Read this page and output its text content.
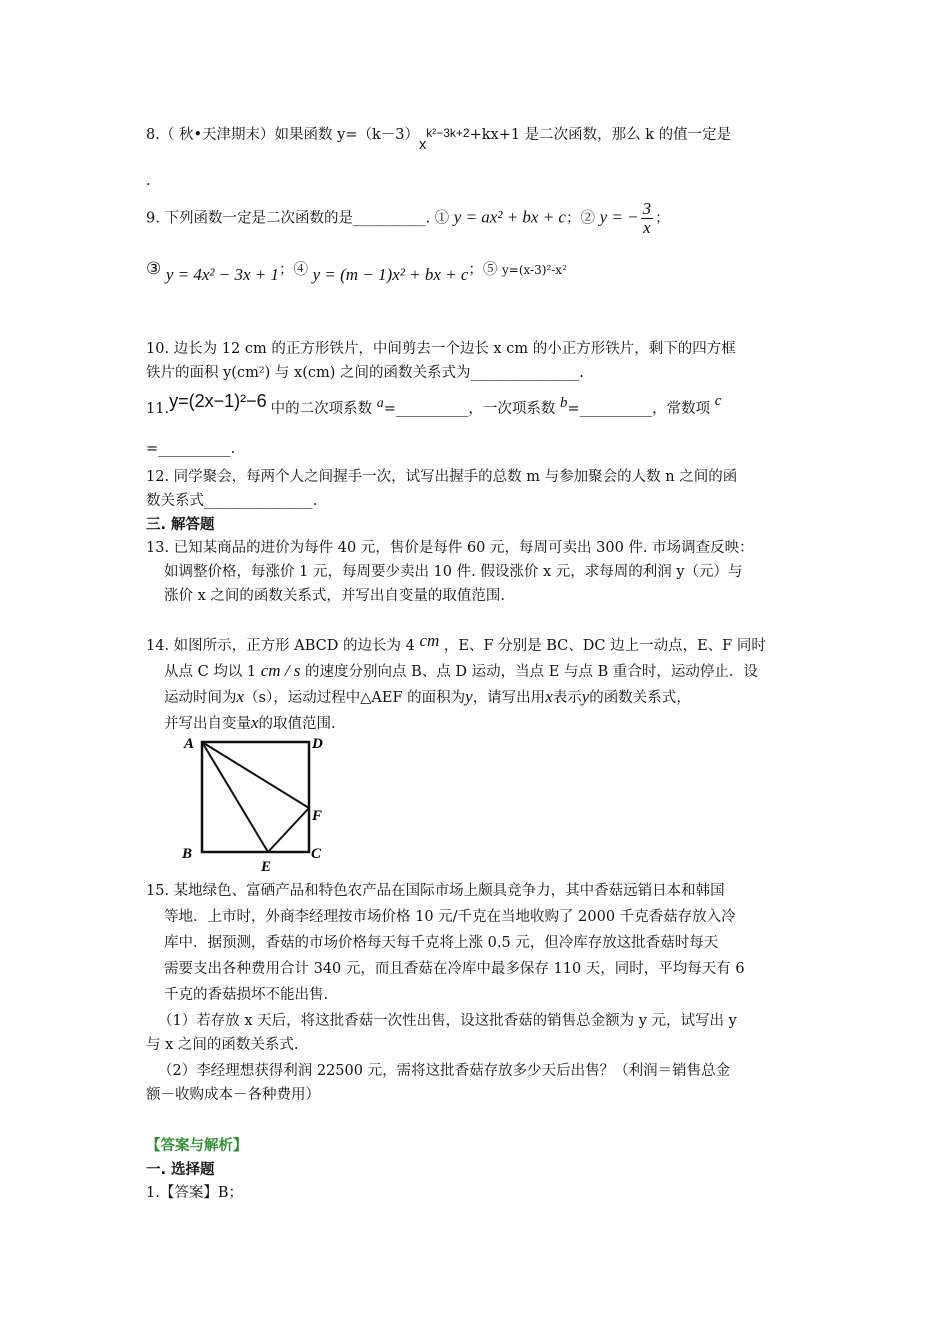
8.（ 秋•天津期末）如果函数 $y=(k-3)x^{k^2-3k+2}+kx+1$ 是二次函数，那么 k 的值一定是
.
9. 下列函数一定是二次函数的是__________. ① y = ax² + bx + c；② y = − $\frac{3}{x}$ ；
③ y = 4x² − 3x + 1；④ y = (m − 1)x² + bx + c；⑤ y=(x-3)²-x²
10. 边长为 12 cm 的正方形铁片，中间剪去一个边长 x cm 的小正方形铁片，剩下的四方框
铁片的面积 y(cm²) 与 x(cm) 之间的函数关系式为_______________.
11.y=(2x−1)²−6 中的二次项系数 a=__________，一次项系数 b=__________，常数项 c
=__________.
12. 同学聚会，每两个人之间握手一次，试写出握手的总数 m 与参加聚会的人数 n 之间的函
数关系式_______________.
三. 解答题
13. 已知某商品的进价为每件 40 元，售价是每件 60 元，每周可卖出 300 件. 市场调查反映：
如调整价格，每涨价 1 元，每周要少卖出 10 件. 假设涨价 x 元，求每周的利润 y（元）与
涨价 x 之间的函数关系式，并写出自变量的取值范围.
14. 如图所示，正方形 ABCD 的边长为 4 cm ，E、F 分别是 BC、DC 边上一动点，E、F 同时
从点 C 均以 1 cm / s 的速度分别向点 B、点 D 运动，当点 E 与点 B 重合时，运动停止．设
运动时间为x（s），运动过程中△AEF 的面积为y，请写出用x表示y的函数关系式，
并写出自变量x的取值范围.
A	D
B	C
E
F
15. 某地绿色、富硒产品和特色农产品在国际市场上颇具竞争力，其中香菇远销日本和韩国
等地．上市时，外商李经理按市场价格 10 元/千克在当地收购了 2000 千克香菇存放入冷
库中．据预测，香菇的市场价格每天每千克将上涨 0.5 元，但冷库存放这批香菇时每天
需要支出各种费用合计 340 元，而且香菇在冷库中最多保存 110 天，同时，平均每天有 6
千克的香菇损坏不能出售.
（1）若存放 x 天后，将这批香菇一次性出售，设这批香菇的销售总金额为 y 元，试写出 y
与 x 之间的函数关系式.
（2）李经理想获得利润 22500 元，需将这批香菇存放多少天后出售？（利润＝销售总金
额－收购成本－各种费用）
【答案与解析】
一. 选择题
1.【答案】B；
